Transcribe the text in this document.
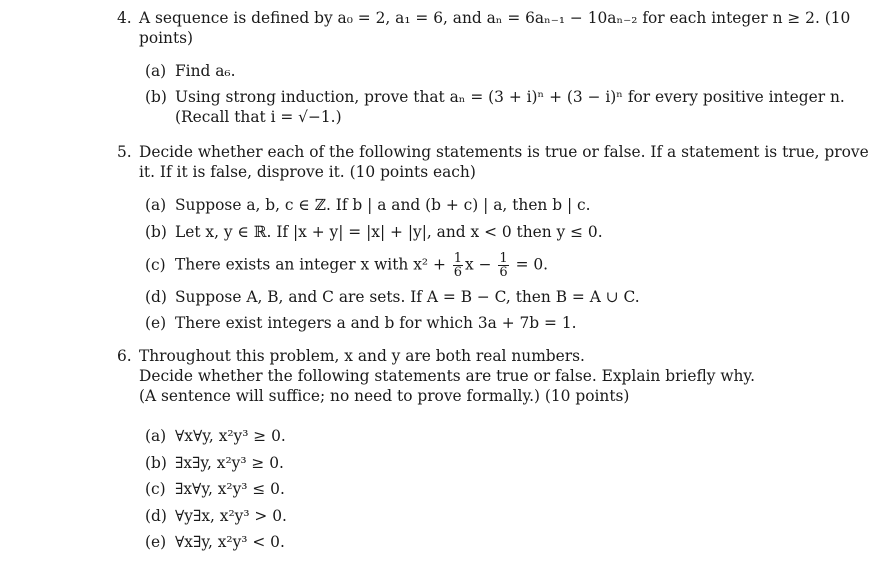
4. A sequence is defined by a₀ = 2, a₁ = 6, and aₙ = 6aₙ₋₁ − 10aₙ₋₂ for each integer n ≥ 2. (10
points)
(a) Find a₆.
(b) Using strong induction, prove that aₙ = (3 + i)ⁿ + (3 − i)ⁿ for every positive integer n.
(Recall that i = √−1.)
5. Decide whether each of the following statements is true or false. If a statement is true, prove
it. If it is false, disprove it. (10 points each)
(a) Suppose a, b, c ∈ ℤ. If b | a and (b + c) | a, then b | c.
(b) Let x, y ∈ ℝ. If |x + y| = |x| + |y|, and x < 0 then y ≤ 0.
(c) There exists an integer x with $x^2 + \frac{1}{6}$ $x - \frac{1}{6} = 0$.
(d) Suppose A, B, and C are sets. If A = B − C, then B = A ∪ C.
(e) There exist integers a and b for which 3a + 7b = 1.
6. Throughout this problem, x and y are both real numbers.
Decide whether the following statements are true or false. Explain briefly why.
(A sentence will suffice; no need to prove formally.) (10 points)
(a) ∀x∀y, x²y³ ≥ 0.
(b) ∃x∃y, x²y³ ≥ 0.
(c) ∃x∀y, x²y³ ≤ 0.
(d) ∀y∃x, x²y³ > 0.
(e) ∀x∃y, x²y³ < 0.
